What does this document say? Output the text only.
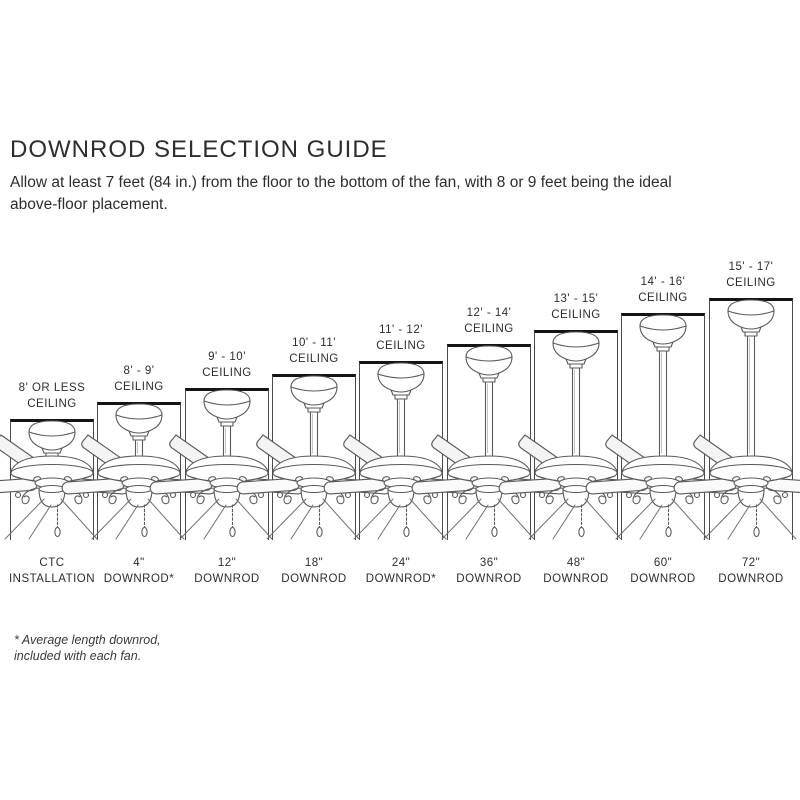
DOWNROD SELECTION GUIDE
Allow at least 7 feet (84 in.) from the floor to the bottom of the fan, with 8 or 9 feet being the ideal
above-floor placement.
8' OR LESS
CEILING
CTC
INSTALLATION
8' - 9'
CEILING
4"
DOWNROD*
9' - 10'
CEILING
12"
DOWNROD
10' - 11'
CEILING
18"
DOWNROD
11' - 12'
CEILING
24"
DOWNROD*
12' - 14'
CEILING
36"
DOWNROD
13' - 15'
CEILING
48"
DOWNROD
14' - 16'
CEILING
60"
DOWNROD
15' - 17'
CEILING
72"
DOWNROD
* Average length downrod,
included with each fan.
